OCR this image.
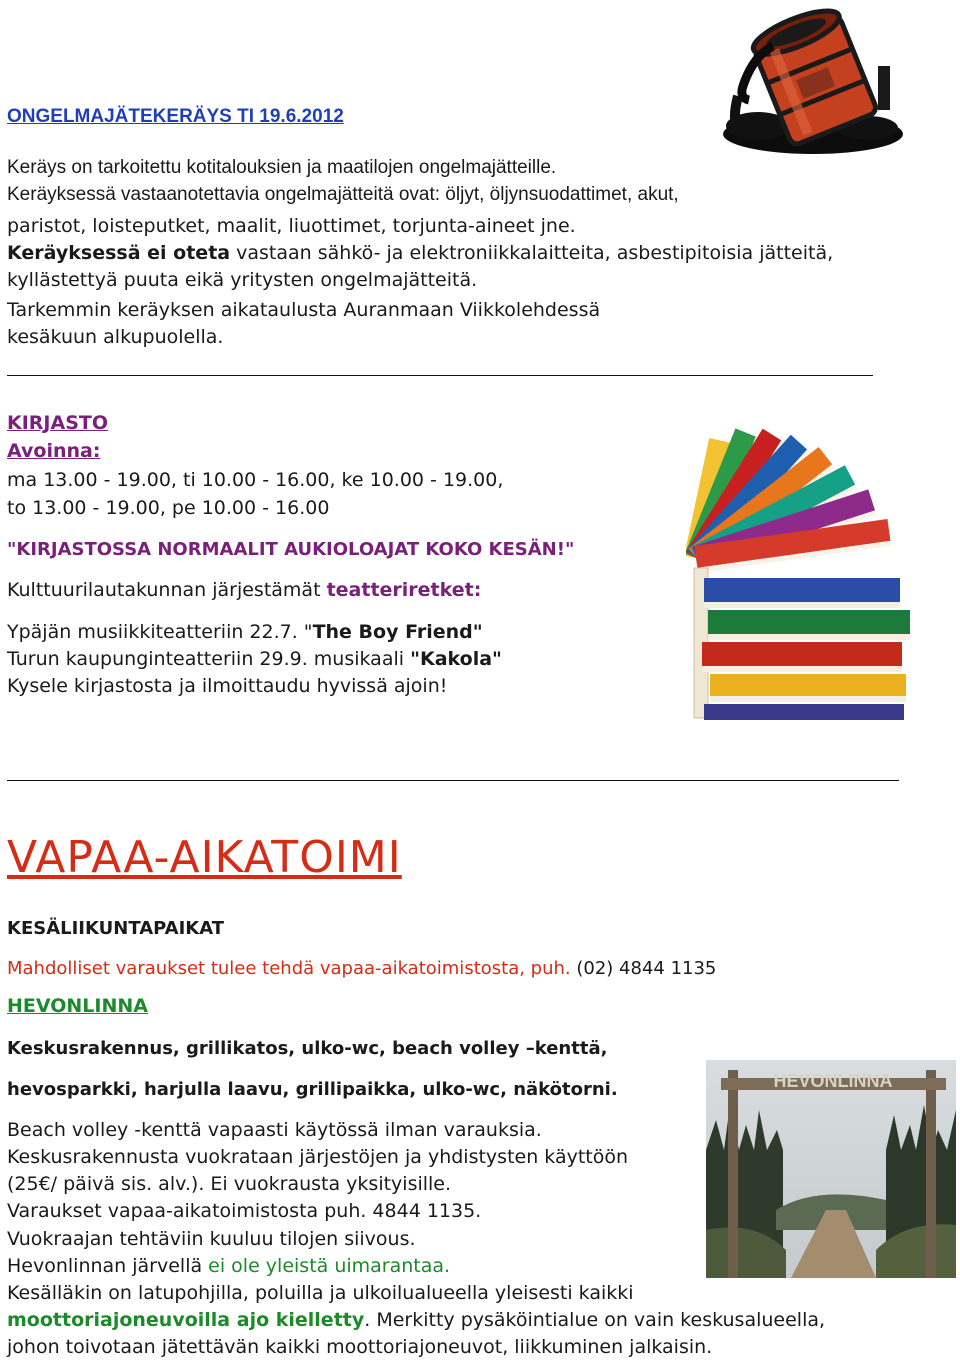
ONGELMAJÄTEKERÄYS TI 19.6.2012
Keräys on tarkoitettu kotitalouksien ja maatilojen ongelmajätteille.
Keräyksessä vastaanotettavia ongelmajätteitä ovat: öljyt, öljynsuodattimet, akut,
paristot, loisteputket, maalit, liuottimet, torjunta-aineet jne.
Keräyksessä ei oteta vastaan sähkö- ja elektroniikkalaitteita, asbestipitoisia jätteitä,
kyllästettyä puuta eikä yritysten ongelmajätteitä.
Tarkemmin keräyksen aikataulusta Auranmaan Viikkolehdessä
kesäkuun alkupuolella.
KIRJASTO
Avoinna:
ma 13.00 - 19.00, ti 10.00 - 16.00, ke 10.00 - 19.00,
to 13.00 - 19.00, pe 10.00 - 16.00
"KIRJASTOSSA NORMAALIT AUKIOLOAJAT KOKO KESÄN!"
Kulttuurilautakunnan järjestämät teatteriretket:
Ypäjän musiikkiteatteriin 22.7. "The Boy Friend"
Turun kaupunginteatteriin 29.9. musikaali "Kakola"
Kysele kirjastosta ja ilmoittaudu hyvissä ajoin!
VAPAA-AIKATOIMI
KESÄLIIKUNTAPAIKAT
Mahdolliset varaukset tulee tehdä vapaa-aikatoimistosta, puh. (02) 4844 1135
HEVONLINNA
Keskusrakennus, grillikatos, ulko-wc, beach volley –kenttä,
hevosparkki, harjulla laavu, grillipaikka, ulko-wc, näkötorni.
Beach volley -kenttä vapaasti käytössä ilman varauksia.
Keskusrakennusta vuokrataan järjestöjen ja yhdistysten käyttöön
(25€/ päivä sis. alv.). Ei vuokrausta yksityisille.
Varaukset vapaa-aikatoimistosta puh. 4844 1135.
Vuokraajan tehtäviin kuuluu tilojen siivous.
Hevonlinnan järvellä ei ole yleistä uimarantaa.
Kesälläkin on latupohjilla, poluilla ja ulkoilualueella yleisesti kaikki
moottoriajoneuvoilla ajo kielletty. Merkitty pysäköintialue on vain keskusalueella,
johon toivotaan jätettävän kaikki moottoriajoneuvot, liikkuminen jalkaisin.
HEVONLINNA
